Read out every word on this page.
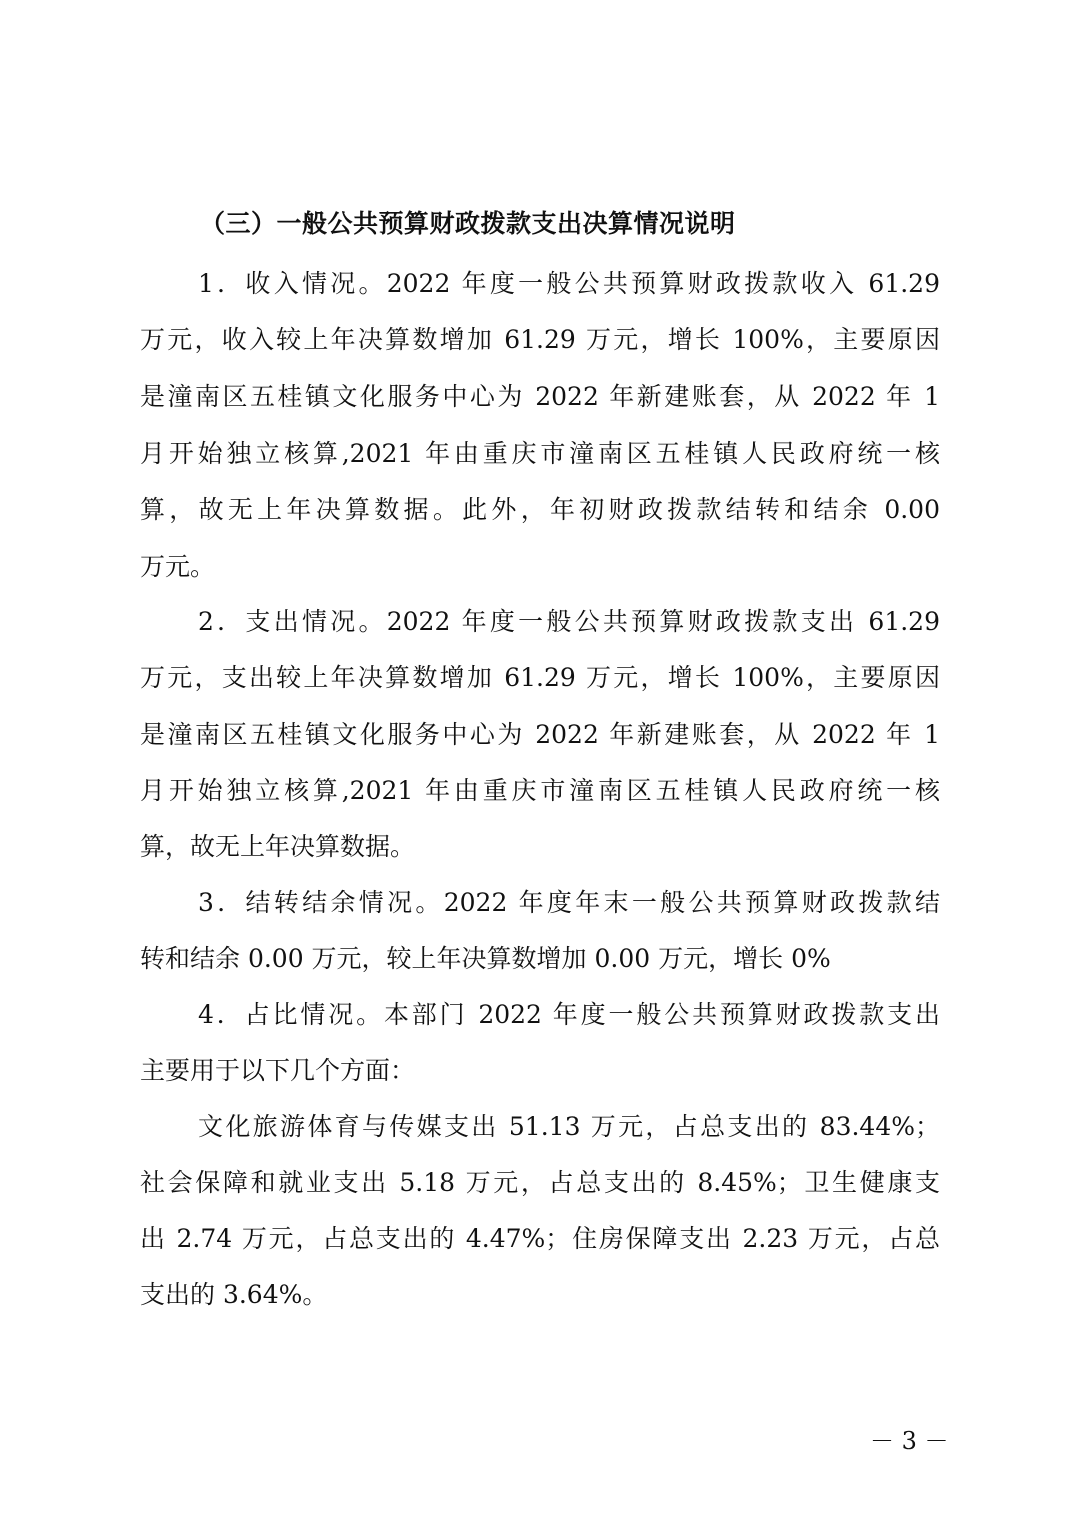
（三）一般公共预算财政拨款支出决算情况说明
1．收入情况。2022 年度一般公共预算财政拨款收入 61.29
万元，收入较上年决算数增加 61.29 万元，增长 100%，主要原因
是潼南区五桂镇文化服务中心为 2022 年新建账套，从 2022 年 1
月开始独立核算,2021 年由重庆市潼南区五桂镇人民政府统一核
算，故无上年决算数据。此外，年初财政拨款结转和结余 0.00
万元。
2．支出情况。2022 年度一般公共预算财政拨款支出 61.29
万元，支出较上年决算数增加 61.29 万元，增长 100%，主要原因
是潼南区五桂镇文化服务中心为 2022 年新建账套，从 2022 年 1
月开始独立核算,2021 年由重庆市潼南区五桂镇人民政府统一核
算，故无上年决算数据。
3．结转结余情况。2022 年度年末一般公共预算财政拨款结
转和结余 0.00 万元，较上年决算数增加 0.00 万元，增长 0%
4．占比情况。本部门 2022 年度一般公共预算财政拨款支出
主要用于以下几个方面：
文化旅游体育与传媒支出 51.13 万元，占总支出的 83.44%；
社会保障和就业支出 5.18 万元，占总支出的 8.45%；卫生健康支
出 2.74 万元，占总支出的 4.47%；住房保障支出 2.23 万元，占总
支出的 3.64%。
－ 3 －
